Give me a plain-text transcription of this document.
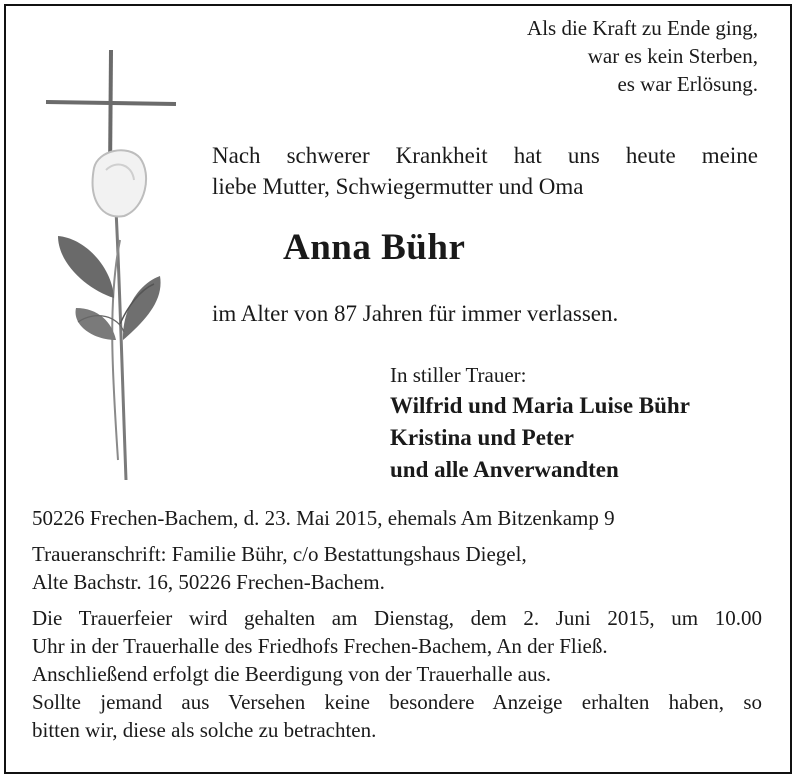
Als die Kraft zu Ende ging,
war es kein Sterben,
es war Erlösung.
Nach schwerer Krankheit hat uns heute meine
liebe Mutter, Schwiegermutter und Oma
Anna Bühr
im Alter von 87 Jahren für immer verlassen.
In stiller Trauer:
Wilfrid und Maria Luise Bühr
Kristina und Peter
und alle Anverwandten
50226 Frechen-Bachem, d. 23. Mai 2015, ehemals Am Bitzenkamp 9
Traueranschrift: Familie Bühr, c/o Bestattungshaus Diegel,
Alte Bachstr. 16, 50226 Frechen-Bachem.
Die Trauerfeier wird gehalten am Dienstag, dem 2. Juni 2015, um 10.00
Uhr in der Trauerhalle des Friedhofs Frechen-Bachem, An der Fließ.
Anschließend erfolgt die Beerdigung von der Trauerhalle aus.
Sollte jemand aus Versehen keine besondere Anzeige erhalten haben, so
bitten wir, diese als solche zu betrachten.
